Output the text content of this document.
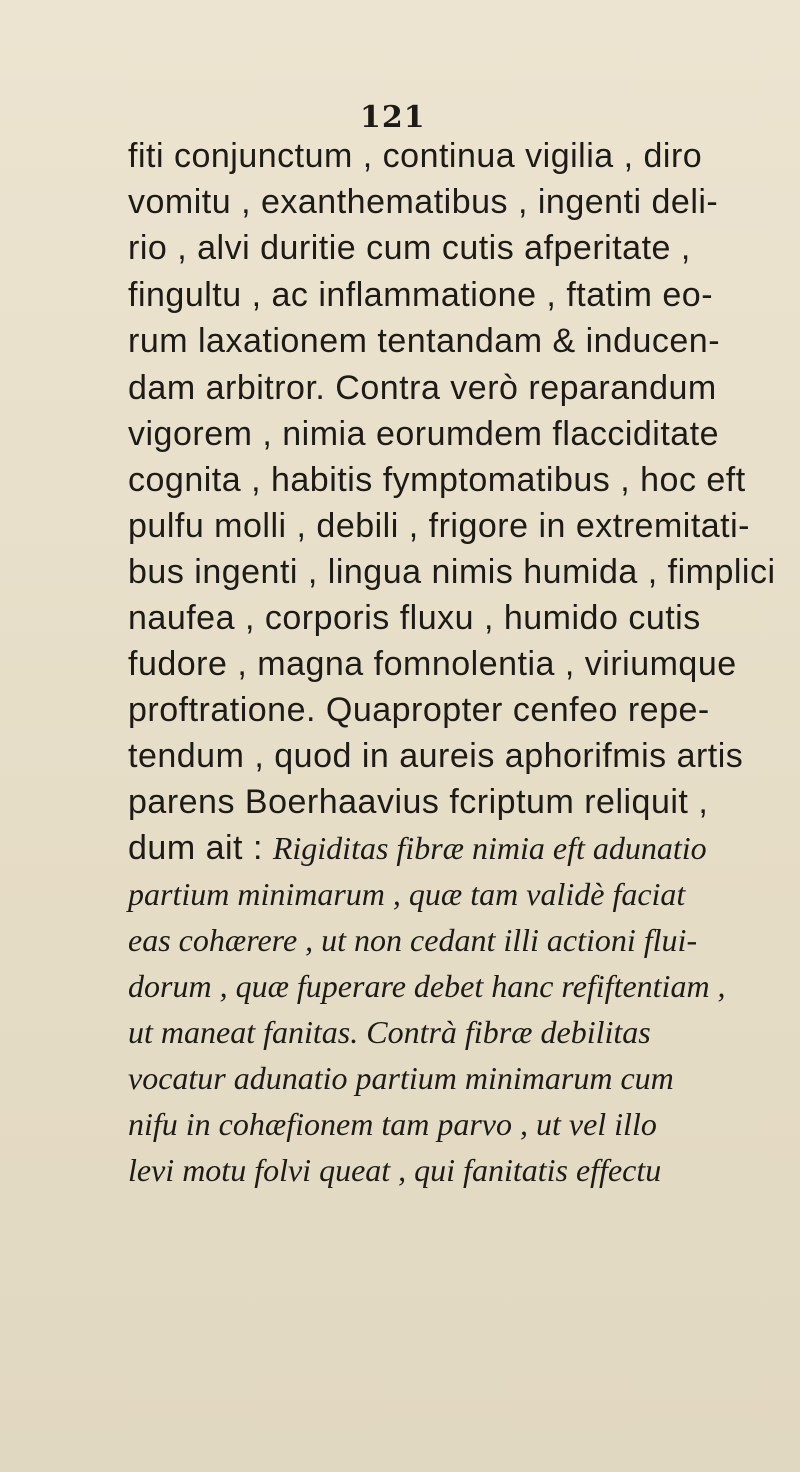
121
fiti conjunctum , continua vigilia , diro
vomitu , exanthematibus , ingenti deli-
rio , alvi duritie cum cutis afperitate ,
fingultu , ac inflammatione , ftatim eo-
rum laxationem tentandam & inducen-
dam arbitror. Contra verò reparandum
vigorem , nimia eorumdem flacciditate
cognita , habitis fymptomatibus , hoc eft
pulfu molli , debili , frigore in extremitati-
bus ingenti , lingua nimis humida , fimplici
naufea , corporis fluxu , humido cutis
fudore , magna fomnolentia , viriumque
proftratione. Quapropter cenfeo repe-
tendum , quod in aureis aphorifmis artis
parens Boerhaavius fcriptum reliquit ,
dum ait : Rigiditas fibræ nimia eft adunatio
partium minimarum , quæ tam validè faciat
eas cohærere , ut non cedant illi actioni flui-
dorum , quæ fuperare debet hanc refiftentiam ,
ut maneat fanitas. Contrà fibræ debilitas
vocatur adunatio partium minimarum cum
nifu in cohæfionem tam parvo , ut vel illo
levi motu folvi queat , qui fanitatis effectu
